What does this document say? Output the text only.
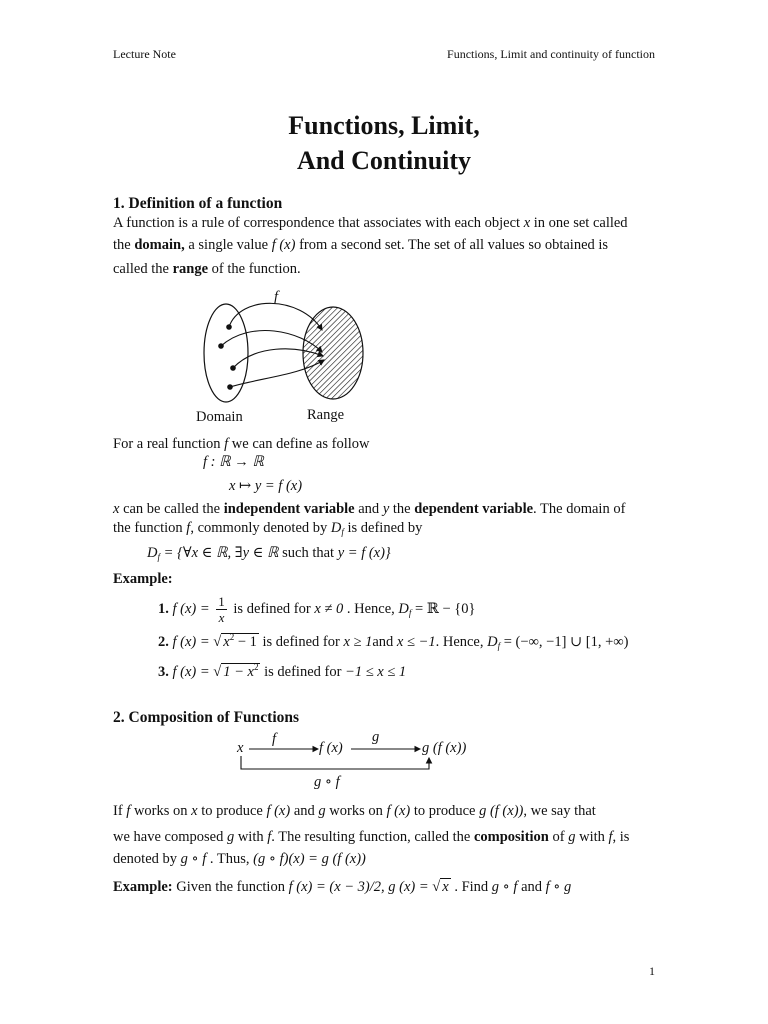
Lecture Note	Functions, Limit and continuity of function
Functions, Limit,
And Continuity
1. Definition of a function
A function is a rule of correspondence that associates with each object x in one set called
the domain, a single value f (x) from a second set. The set of all values so obtained is
called the range of the function.
f
Domain	Range
For a real function f we can define as follow
f : ℝ → ℝ
x ↦ y = f (x)
x can be called the independent variable and y the dependent variable. The domain of
the function f, commonly denoted by $D_f$ is defined by
$D_f$ = {∀x ∈ ℝ, ∃y ∈ ℝ such that y = f (x)}
Example:
1. f $(x) = \frac{1}{x}$ is defined for x ≠ 0 . Hence, $D_f$ = ℝ − {0}
2. f (x) = √ $x^2 - 1$ is defined for x ≥ 1and x ≤ −1. Hence, $D_f$ = (−∞, −1] ∪ [1, +∞)
3. f (x) = √ $1 - x^2$ is defined for −1 ≤ x ≤ 1
2. Composition of Functions
x
f
f (x)
g
g (f (x))
g ∘ f
If f works on x to produce f (x) and g works on f (x) to produce g (f (x)), we say that
we have composed g with f. The resulting function, called the composition of g with f, is
denoted by g ∘ f . Thus, (g ∘ f)(x) = g (f (x))
Example: Given the function f (x) = (x − 3)/2, g (x) = √ x . Find g ∘ f and f ∘ g
1
